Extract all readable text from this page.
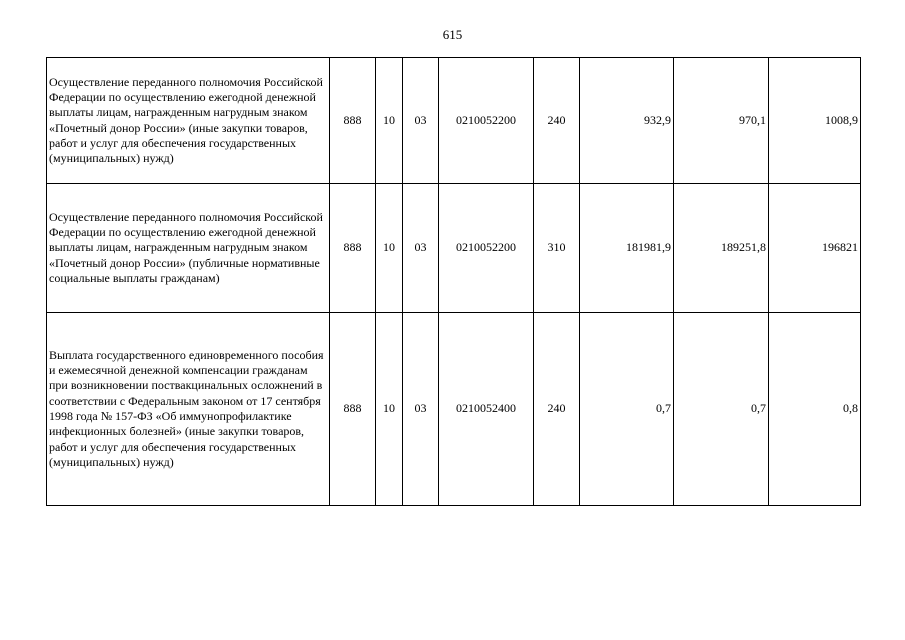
615
Осуществление переданного полномочия Российской Федерации по осуществлению ежегодной денежной выплаты лицам, награжденным нагрудным знаком «Почетный донор России» (иные закупки товаров, работ и услуг для обеспечения государственных (муниципальных) нужд)	888	10	03	0210052200	240	932,9	970,1	1008,9
Осуществление переданного полномочия Российской Федерации по осуществлению ежегодной денежной выплаты лицам, награжденным нагрудным знаком «Почетный донор России» (публичные нормативные социальные выплаты гражданам)	888	10	03	0210052200	310	181981,9	189251,8	196821
Выплата государственного единовременного пособия и ежемесячной денежной компенсации гражданам при возникновении поствакцинальных осложнений в соответствии с Федеральным законом от 17 сентября 1998 года № 157-ФЗ «Об иммунопрофилактике инфекционных болезней» (иные закупки товаров, работ и услуг для обеспечения государственных (муниципальных) нужд)	888	10	03	0210052400	240	0,7	0,7	0,8
